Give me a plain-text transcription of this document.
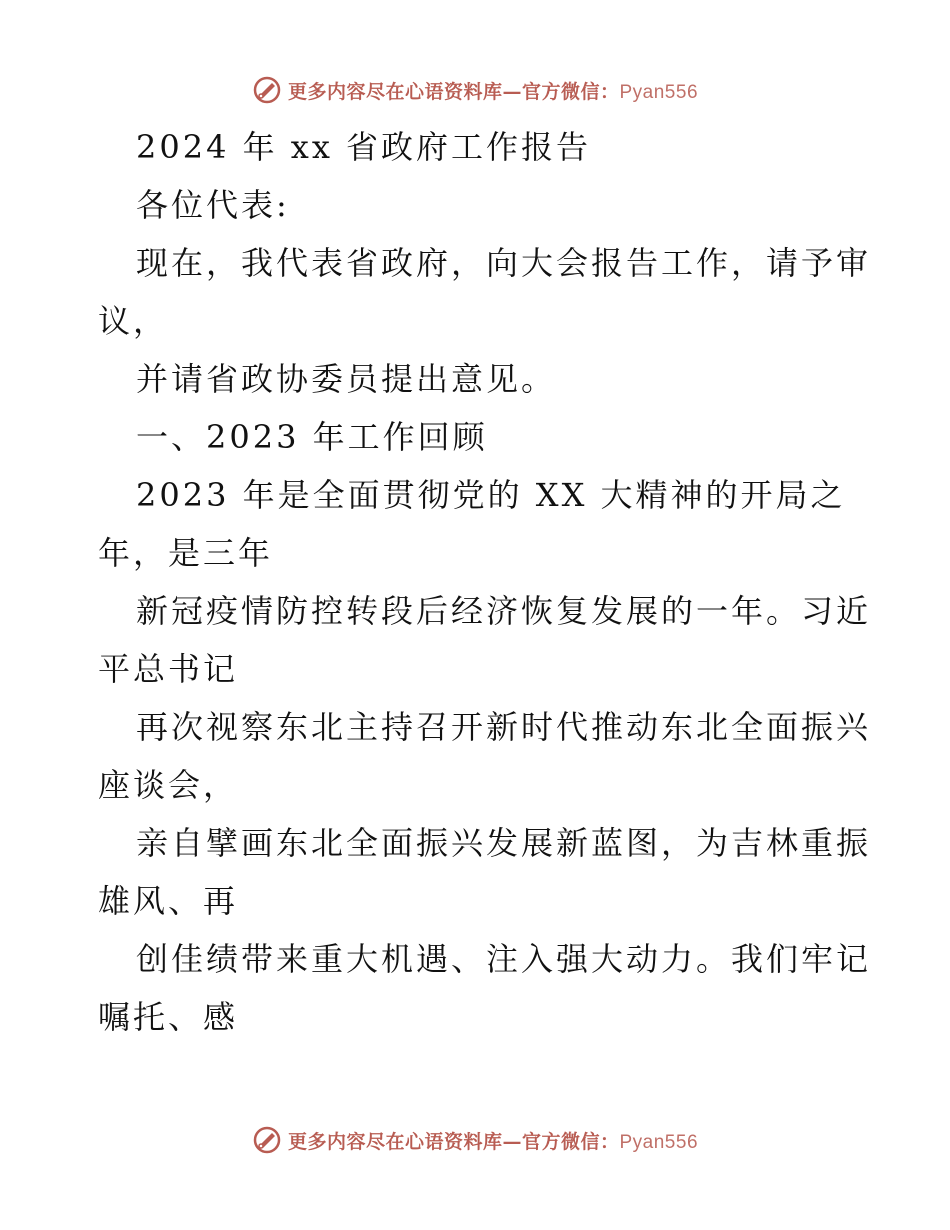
更多内容尽在心语资料库—官方微信：Pyan556

2024 年 xx 省政府工作报告

各位代表:

现在，我代表省政府，向大会报告工作，请予审

议，

并请省政协委员提出意见。

一、2023 年工作回顾

2023 年是全面贯彻党的 XX 大精神的开局之

年，是三年

新冠疫情防控转段后经济恢复发展的一年。习近

平总书记

再次视察东北主持召开新时代推动东北全面振兴

座谈会，

亲自擘画东北全面振兴发展新蓝图，为吉林重振

雄风、再

创佳绩带来重大机遇、注入强大动力。我们牢记

嘱托、感

更多内容尽在心语资料库—官方微信：Pyan556
